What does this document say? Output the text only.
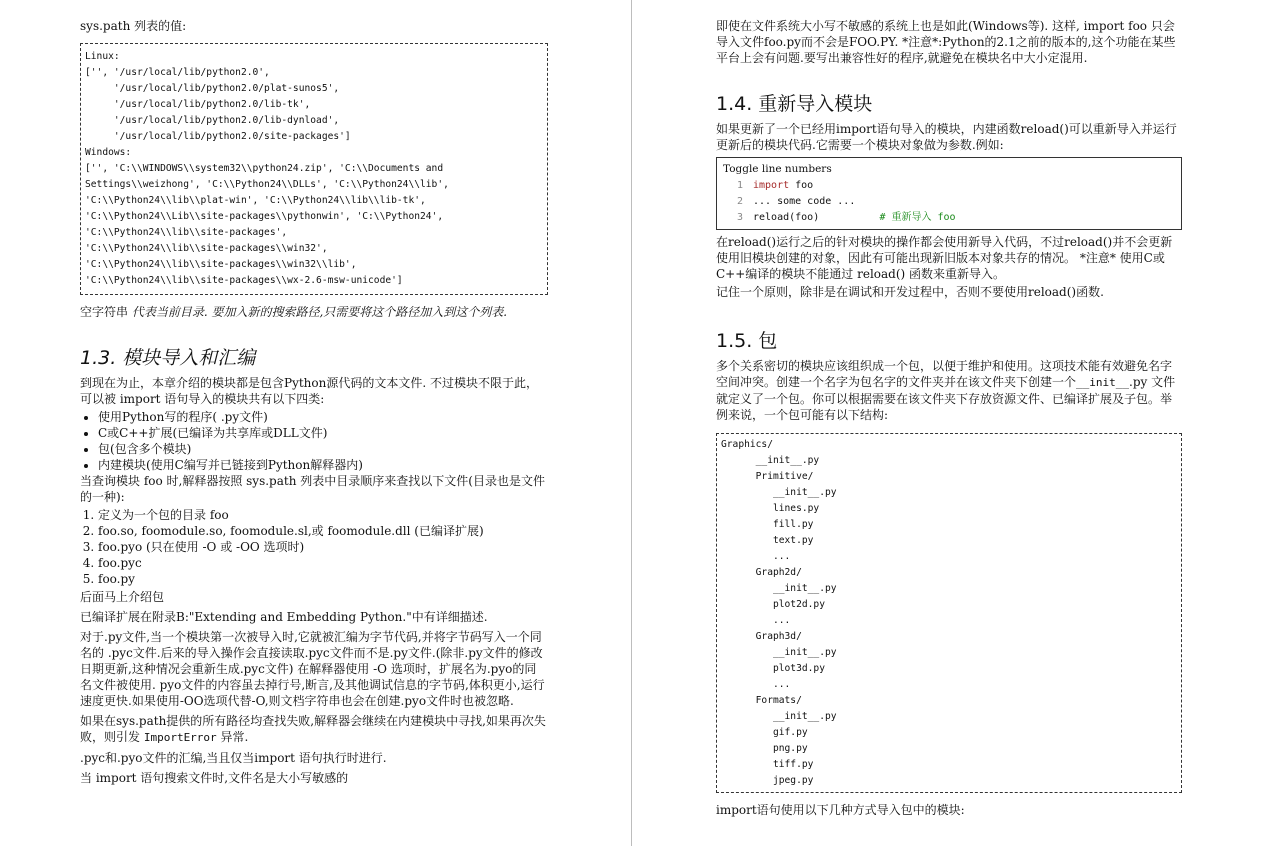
sys.path 列表的值:

Linux:
['', '/usr/local/lib/python2.0',
'/usr/local/lib/python2.0/plat-sunos5',
'/usr/local/lib/python2.0/lib-tk',
'/usr/local/lib/python2.0/lib-dynload',
'/usr/local/lib/python2.0/site-packages']
Windows:
['', 'C:\\WINDOWS\\system32\\python24.zip', 'C:\\Documents and
Settings\\weizhong', 'C:\\Python24\\DLLs', 'C:\\Python24\\lib',
'C:\\Python24\\lib\\plat-win', 'C:\\Python24\\lib\\lib-tk',
'C:\\Python24\\Lib\\site-packages\\pythonwin', 'C:\\Python24',
'C:\\Python24\\lib\\site-packages',
'C:\\Python24\\lib\\site-packages\\win32',
'C:\\Python24\\lib\\site-packages\\win32\\lib',
'C:\\Python24\\lib\\site-packages\\wx-2.6-msw-unicode']

空字符串 代表当前目录. 要加入新的搜索路径,只需要将这个路径加入到这个列表.

1.3. 模块导入和汇编

到现在为止，本章介绍的模块都是包含Python源代码的文本文件. 不过模块不限于此，可以被 import 语句导入的模块共有以下四类:

• 使用Python写的程序( .py文件)
• C或C++扩展(已编译为共享库或DLL文件)
• 包(包含多个模块)
• 内建模块(使用C编写并已链接到Python解释器内)

当查询模块 foo 时,解释器按照 sys.path 列表中目录顺序来查找以下文件(目录也是文件的一种):

1. 定义为一个包的目录 foo
2. foo.so, foomodule.so, foomodule.sl,或 foomodule.dll (已编译扩展)
3. foo.pyo (只在使用 -O 或 -OO 选项时)
4. foo.pyc
5. foo.py

后面马上介绍包

已编译扩展在附录B:"Extending and Embedding Python."中有详细描述.

对于.py文件,当一个模块第一次被导入时,它就被汇编为字节代码,并将字节码写入一个同名的 .pyc文件.后来的导入操作会直接读取.pyc文件而不是.py文件.(除非.py文件的修改日期更新,这种情况会重新生成.pyc文件) 在解释器使用 -O 选项时，扩展名为.pyo的同名文件被使用. pyo文件的内容虽去掉行号,断言,及其他调试信息的字节码,体积更小,运行速度更快.如果使用-OO选项代替-O,则文档字符串也会在创建.pyo文件时也被忽略.

如果在sys.path提供的所有路径均查找失败,解释器会继续在内建模块中寻找,如果再次失败，则引发 ImportError 异常.

.pyc和.pyo文件的汇编,当且仅当import 语句执行时进行.

当 import 语句搜索文件时,文件名是大小写敏感的

即使在文件系统大小写不敏感的系统上也是如此(Windows等). 这样, import foo 只会导入文件foo.py而不会是FOO.PY. *注意*:Python的2.1之前的版本的,这个功能在某些平台上会有问题.要写出兼容性好的程序,就避免在模块名中大小定混用.

1.4. 重新导入模块

如果更新了一个已经用import语句导入的模块，内建函数reload()可以重新导入并运行更新后的模块代码.它需要一个模块对象做为参数.例如:

Toggle line numbers
1 import foo
2 ... some code ...
3 reload(foo)          # 重新导入 foo

在reload()运行之后的针对模块的操作都会使用新导入代码，不过reload()并不会更新使用旧模块创建的对象，因此有可能出现新旧版本对象共存的情况。 *注意* 使用C或C++编译的模块不能通过 reload() 函数来重新导入。

记住一个原则，除非是在调试和开发过程中，否则不要使用reload()函数.

1.5. 包

多个关系密切的模块应该组织成一个包，以便于维护和使用。这项技术能有效避免名字空间冲突。创建一个名字为包名字的文件夹并在该文件夹下创建一个__init__.py 文件就定义了一个包。你可以根据需要在该文件夹下存放资源文件、已编译扩展及子包。举例来说，一个包可能有以下结构:

Graphics/
__init__.py
Primitive/
__init__.py
lines.py
fill.py
text.py
...
Graph2d/
__init__.py
plot2d.py
...
Graph3d/
__init__.py
plot3d.py
...
Formats/
__init__.py
gif.py
png.py
tiff.py
jpeg.py

import语句使用以下几种方式导入包中的模块:
